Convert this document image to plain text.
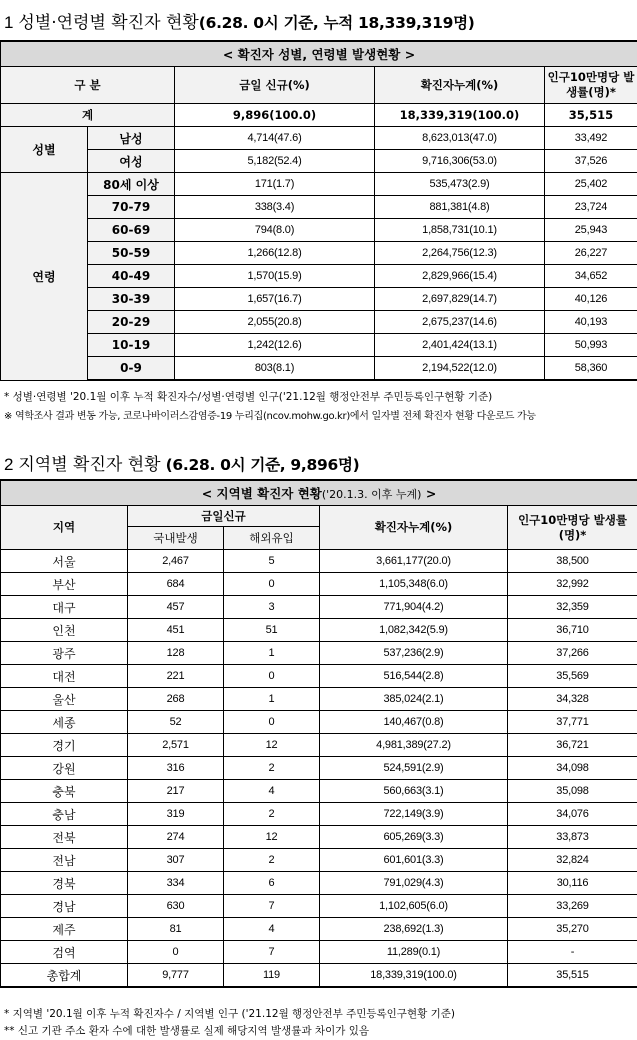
1 성별·연령별 확진자 현황(6.28. 0시 기준, 누적 18,339,319명)
< 확진자 성별, 연령별 발생현황 >				
구 분		금일 신규(%)	확진자누계(%)	인구10만명당 발생률(명)*
계		9,896(100.0)	18,339,319(100.0)	35,515
성별	남성	4,714(47.6)	8,623,013(47.0)	33,492
	여성	5,182(52.4)	9,716,306(53.0)	37,526
연령	80세 이상	171(1.7)	535,473(2.9)	25,402
	70-79	338(3.4)	881,381(4.8)	23,724
	60-69	794(8.0)	1,858,731(10.1)	25,943
	50-59	1,266(12.8)	2,264,756(12.3)	26,227
	40-49	1,570(15.9)	2,829,966(15.4)	34,652
	30-39	1,657(16.7)	2,697,829(14.7)	40,126
	20-29	2,055(20.8)	2,675,237(14.6)	40,193
	10-19	1,242(12.6)	2,401,424(13.1)	50,993
	0-9	803(8.1)	2,194,522(12.0)	58,360
* 성별·연령별 '20.1월 이후 누적 확진자수/성별·연령별 인구('21.12월 행정안전부 주민등록인구현황 기준)
※ 역학조사 결과 변동 가능, 코로나바이러스감염증-19 누리집(ncov.mohw.go.kr)에서 일자별 전체 확진자 현황 다운로드 가능
2 지역별 확진자 현황 (6.28. 0시 기준, 9,896명)
< 지역별 확진자 현황('20.1.3. 이후 누계) >				
지역	금일신규		확진자누계(%)	인구10만명당 발생률(명)*
	국내발생	해외유입		
서울	2,467	5	3,661,177(20.0)	38,500
부산	684	0	1,105,348(6.0)	32,992
대구	457	3	771,904(4.2)	32,359
인천	451	51	1,082,342(5.9)	36,710
광주	128	1	537,236(2.9)	37,266
대전	221	0	516,544(2.8)	35,569
울산	268	1	385,024(2.1)	34,328
세종	52	0	140,467(0.8)	37,771
경기	2,571	12	4,981,389(27.2)	36,721
강원	316	2	524,591(2.9)	34,098
충북	217	4	560,663(3.1)	35,098
충남	319	2	722,149(3.9)	34,076
전북	274	12	605,269(3.3)	33,873
전남	307	2	601,601(3.3)	32,824
경북	334	6	791,029(4.3)	30,116
경남	630	7	1,102,605(6.0)	33,269
제주	81	4	238,692(1.3)	35,270
검역	0	7	11,289(0.1)	-
총합계	9,777	119	18,339,319(100.0)	35,515
* 지역별 '20.1월 이후 누적 확진자수 / 지역별 인구 ('21.12월 행정안전부 주민등록인구현황 기준)
** 신고 기관 주소 환자 수에 대한 발생률로 실제 해당지역 발생률과 차이가 있음
